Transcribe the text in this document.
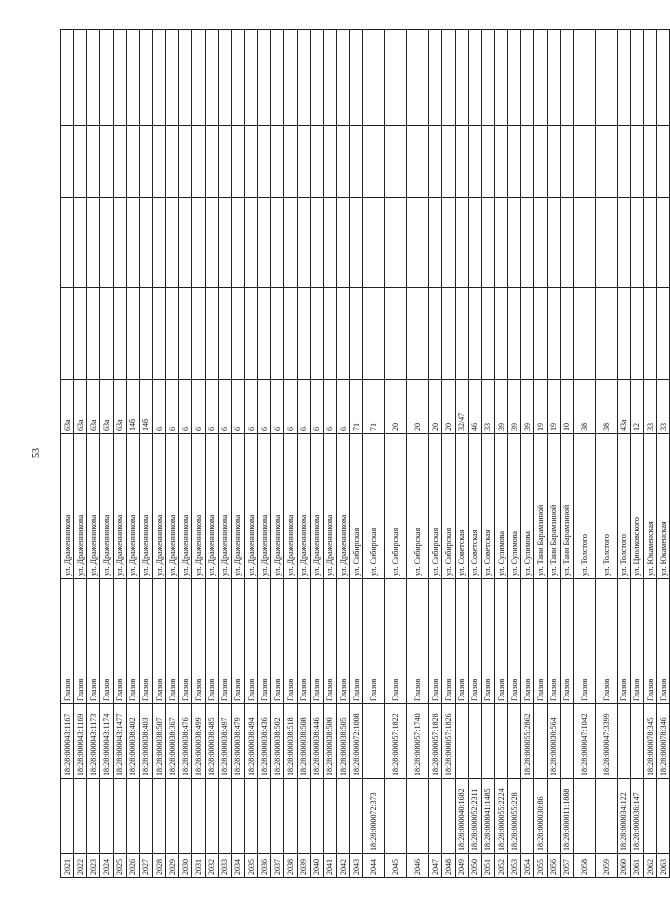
53
2021		18:28:000043:1167	Глазов	ул. Драженникова	63а				
2022		18:28:000043:1169	Глазов	ул. Драженникова	63а				
2023		18:28:000043:1173	Глазов	ул. Драженникова	63а				
2024		18:28:000043:1174	Глазов	ул. Драженникова	63а				
2025		18:28:000043:1477	Глазов	ул. Драженникова	63а				
2026		18:28:000038:402	Глазов	ул. Драженникова	14б				
2027		18:28:000038:403	Глазов	ул. Драженникова	14б				
2028		18:28:000038:507	Глазов	ул. Драженникова	6				
2029		18:28:000038:367	Глазов	ул. Драженникова	6				
2030		18:28:000038:476	Глазов	ул. Драженникова	6				
2031		18:28:000038:499	Глазов	ул. Драженникова	6				
2032		18:28:000038:485	Глазов	ул. Драженникова	6				
2033		18:28:000038:497	Глазов	ул. Драженникова	6				
2034		18:28:000038:479	Глазов	ул. Драженникова	6				
2035		18:28:000038:494	Глазов	ул. Драженникова	6				
2036		18:28:000038:436	Глазов	ул. Драженникова	6				
2037		18:28:000038:502	Глазов	ул. Драженникова	6				
2038		18:28:000038:518	Глазов	ул. Драженникова	6				
2039		18:28:000038:508	Глазов	ул. Драженникова	6				
2040		18:28:000038:446	Глазов	ул. Драженникова	6				
2041		18:28:000038:500	Глазов	ул. Драженникова	6				
2042		18:28:000038:505	Глазов	ул. Драженникова	6				
2043		18:28:000072:1008	Глазов	ул. Сибирская	71				
2044	18:28:000072:373		Глазов	ул. Сибирская	71				
2045		18:28:000057:1822	Глазов	ул. Сибирская	20				
2046		18:28:000057:1740	Глазов	ул. Сибирская	20				
2047		18:28:000057:1828	Глазов	ул. Сибирская	20				
2048		18:28:000057:1826	Глазов	ул. Сибирская	20				
2049	18:28:000040:1682		Глазов	ул. Советская	32/47				
2050	18:28:000052:2311		Глазов	ул. Советская	46				
2051	18:28:000041:1485		Глазов	ул. Советская	33				
2052	18:28:000055:2224		Глазов	ул. Сулимова	39				
2053	18:28:000055:228		Глазов	ул. Сулимова	39				
2054		18:28:000055:2862	Глазов	ул. Сулимова	39				
2055	18:28:000030:86		Глазов	ул. Тани Барамзиной	19				
2056		18:28:000030:564	Глазов	ул. Тани Барамзиной	19				
2057	18:28:000011:1888		Глазов	ул. Тани Барамзиной	10				
2058		18:28:000047:1042	Глазов	ул. Толстого	38				
2059		18:28:000047:3399	Глазов	ул. Толстого	38				
2060	18:28:000034:122		Глазов	ул. Толстого	43а				
2061	18:28:000036:147		Глазов	ул. Циолковского	12				
2062		18:28:000078:345	Глазов	ул. Юкаменская	33				
2063		18:28:000078:346	Глазов	ул. Юкаменская	33				
